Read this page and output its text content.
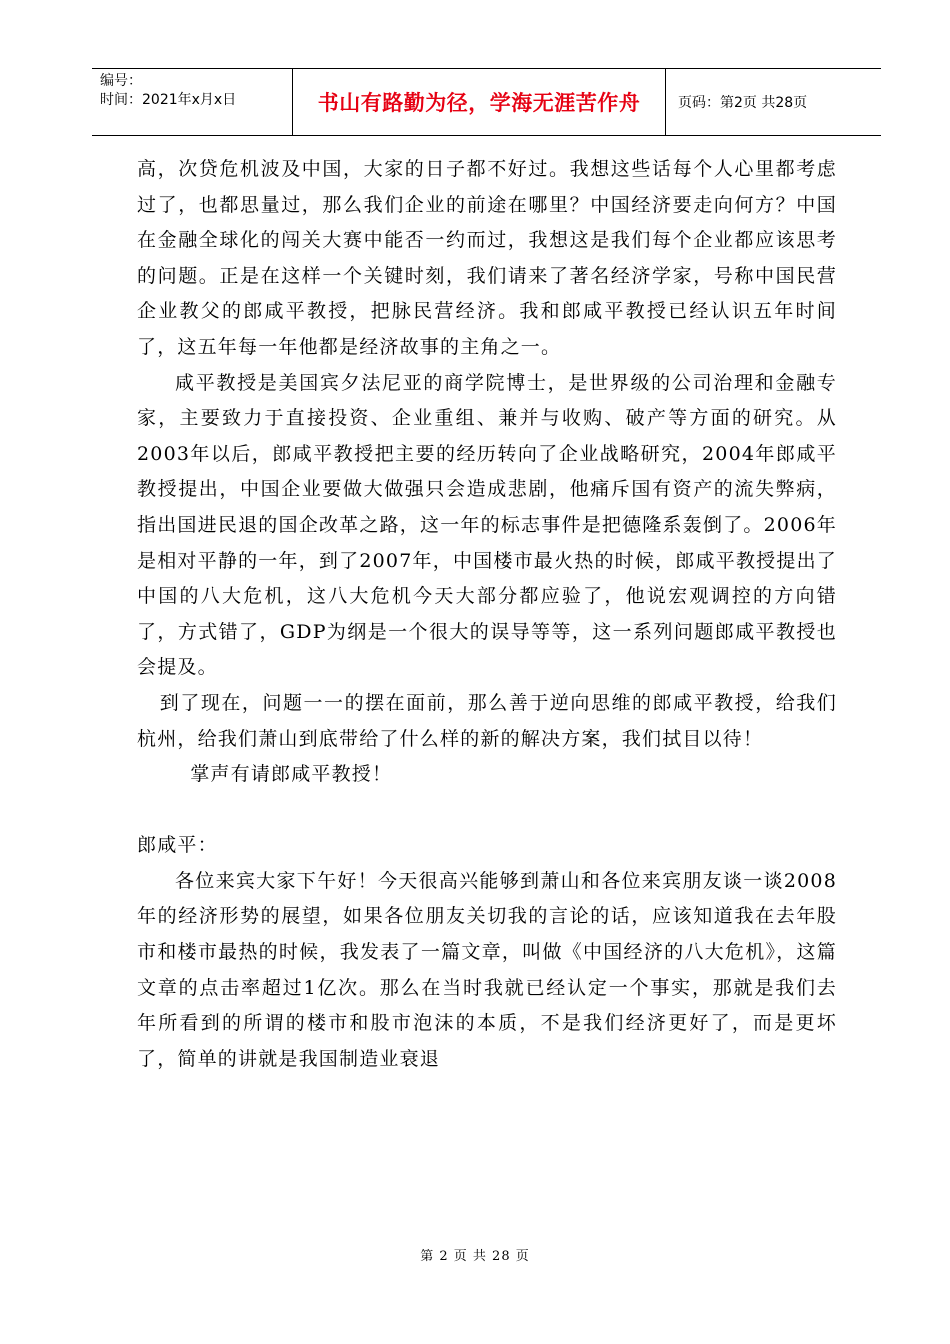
编号：
时间：2021年x月x日	书山有路勤为径，学海无涯苦作舟	页码：第2页 共28页

高，次贷危机波及中国，大家的日子都不好过。我想这些话每个人心里都考虑过了，也都思量过，那么我们企业的前途在哪里？中国经济要走向何方？中国在金融全球化的闯关大赛中能否一约而过，我想这是我们每个企业都应该思考的问题。正是在这样一个关键时刻，我们请来了著名经济学家，号称中国民营企业教父的郎咸平教授，把脉民营经济。我和郎咸平教授已经认识五年时间了，这五年每一年他都是经济故事的主角之一。

咸平教授是美国宾夕法尼亚的商学院博士，是世界级的公司治理和金融专家，主要致力于直接投资、企业重组、兼并与收购、破产等方面的研究。从2003年以后，郎咸平教授把主要的经历转向了企业战略研究，2004年郎咸平教授提出，中国企业要做大做强只会造成悲剧，他痛斥国有资产的流失弊病，指出国进民退的国企改革之路，这一年的标志事件是把德隆系轰倒了。2006年是相对平静的一年，到了2007年，中国楼市最火热的时候，郎咸平教授提出了中国的八大危机，这八大危机今天大部分都应验了，他说宏观调控的方向错了，方式错了，GDP为纲是一个很大的误导等等，这一系列问题郎咸平教授也会提及。

到了现在，问题一一的摆在面前，那么善于逆向思维的郎咸平教授，给我们杭州，给我们萧山到底带给了什么样的新的解决方案，我们拭目以待！

掌声有请郎咸平教授！

郎咸平：

各位来宾大家下午好！今天很高兴能够到萧山和各位来宾朋友谈一谈2008年的经济形势的展望，如果各位朋友关切我的言论的话，应该知道我在去年股市和楼市最热的时候，我发表了一篇文章，叫做《中国经济的八大危机》，这篇文章的点击率超过1亿次。那么在当时我就已经认定一个事实，那就是我们去年所看到的所谓的楼市和股市泡沫的本质，不是我们经济更好了，而是更坏了，简单的讲就是我国制造业衰退

第 2 页 共 28 页
